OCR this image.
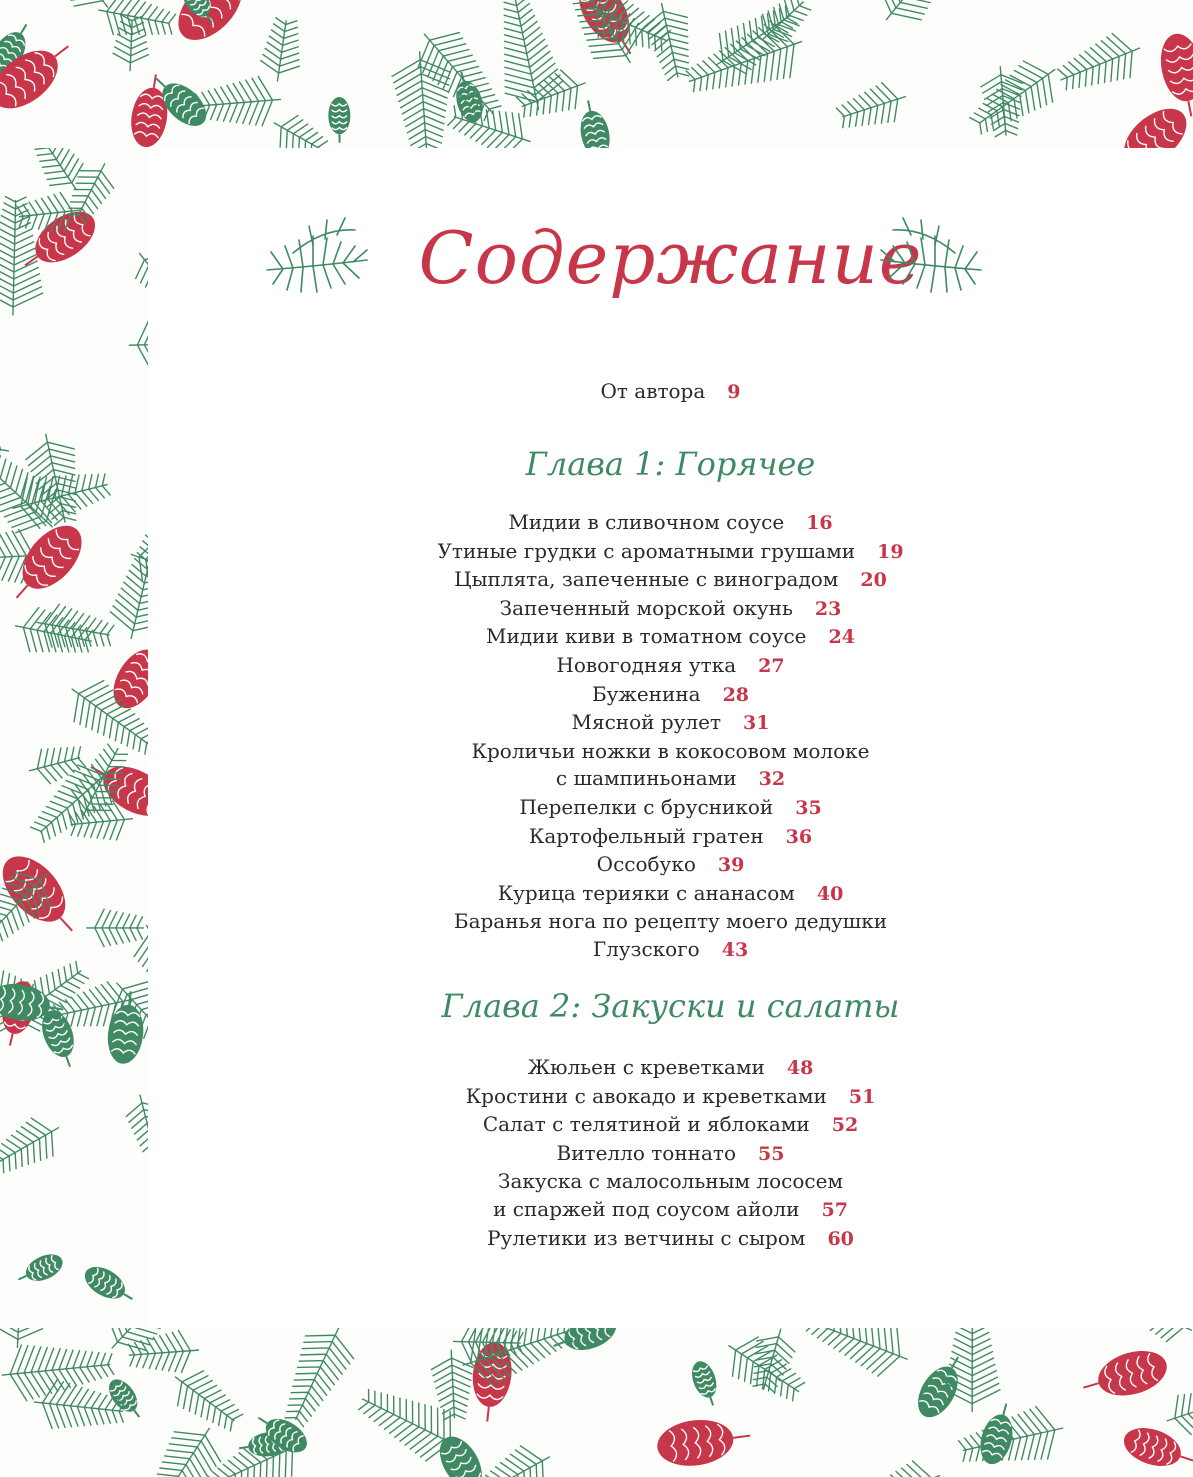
Содержание
От автора 9
Глава 1: Горячее
Мидии в сливочном соусе 16
Утиные грудки с ароматными грушами 19
Цыплята, запеченные с виноградом 20
Запеченный морской окунь 23
Мидии киви в томатном соусе 24
Новогодняя утка 27
Буженина 28
Мясной рулет 31
Кроличьи ножки в кокосовом молоке
с шампиньонами 32
Перепелки с брусникой 35
Картофельный гратен 36
Оссобуко 39
Курица терияки с ананасом 40
Баранья нога по рецепту моего дедушки
Глузского 43
Глава 2: Закуски и салаты
Жюльен с креветками 48
Кростини с авокадо и креветками 51
Салат с телятиной и яблоками 52
Вителло тоннато 55
Закуска с малосольным лососем
и спаржей под соусом айоли 57
Рулетики из ветчины с сыром 60
